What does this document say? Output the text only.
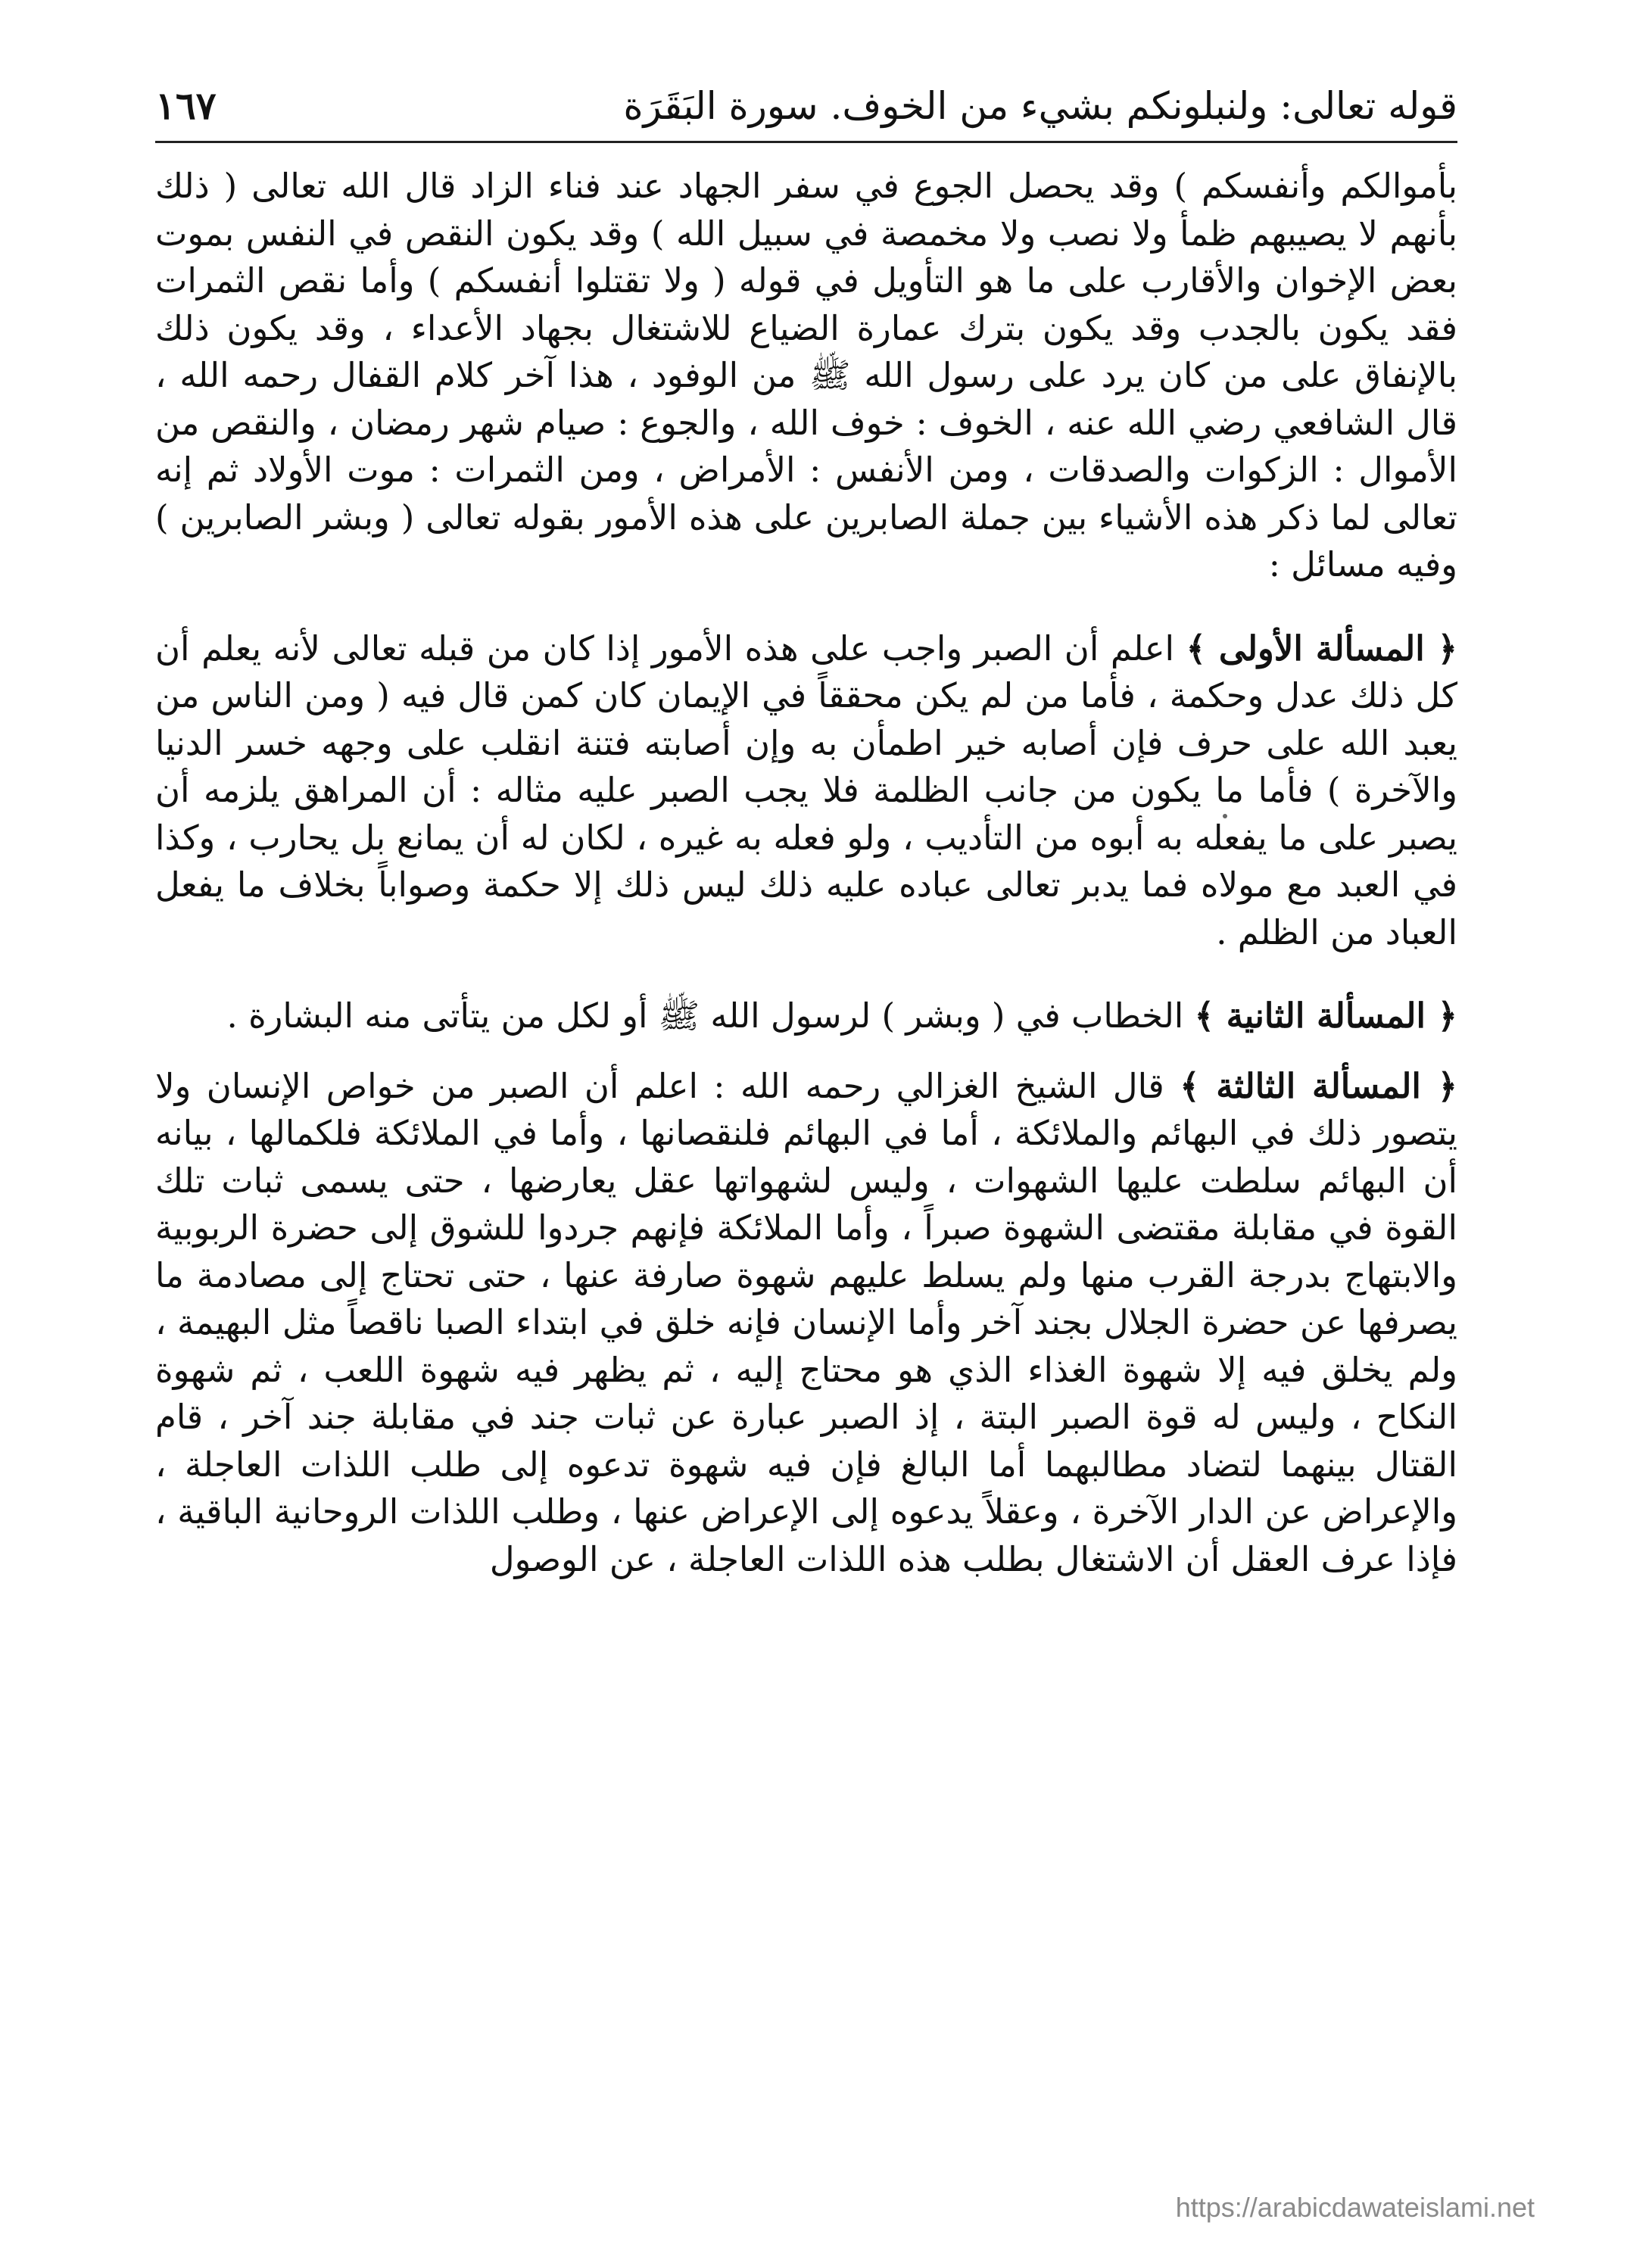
قوله تعالى: ولنبلونكم بشيء من الخوف. سورة البَقَرَة
١٦٧

بأموالكم وأنفسكم ) وقد يحصل الجوع في سفر الجهاد عند فناء الزاد قال الله تعالى ( ذلك بأنهم لا يصيبهم ظمأ ولا نصب ولا مخمصة في سبيل الله ) وقد يكون النقص في النفس بموت بعض الإخوان والأقارب على ما هو التأويل في قوله ( ولا تقتلوا أنفسكم ) وأما نقص الثمرات فقد يكون بالجدب وقد يكون بترك عمارة الضياع للاشتغال بجهاد الأعداء ، وقد يكون ذلك بالإنفاق على من كان يرد على رسول الله ﷺ من الوفود ، هذا آخر كلام القفال رحمه الله ، قال الشافعي رضي الله عنه ، الخوف : خوف الله ، والجوع : صيام شهر رمضان ، والنقص من الأموال : الزكوات والصدقات ، ومن الأنفس : الأمراض ، ومن الثمرات : موت الأولاد ثم إنه تعالى لما ذكر هذه الأشياء بين جملة الصابرين على هذه الأمور بقوله تعالى ( وبشر الصابرين ) وفيه مسائل :

﴿ المسألة الأولى ﴾ اعلم أن الصبر واجب على هذه الأمور إذا كان من قبله تعالى لأنه يعلم أن كل ذلك عدل وحكمة ، فأما من لم يكن محققاً في الإيمان كان كمن قال فيه ( ومن الناس من يعبد الله على حرف فإن أصابه خير اطمأن به وإن أصابته فتنة انقلب على وجهه خسر الدنيا والآخرة ) فأما ما يكون من جانب الظلمة فلا يجب الصبر عليه مثاله : أن المراهق يلزمه أن يصبر على ما يفعله به أبوه من التأديب ، ولو فعله به غيره ، لكان له أن يمانع بل يحارب ، وكذا في العبد مع مولاه فما يدبر تعالى عباده عليه ذلك ليس ذلك إلا حكمة وصواباً بخلاف ما يفعل العباد من الظلم .

﴿ المسألة الثانية ﴾ الخطاب في ( وبشر ) لرسول الله ﷺ أو لكل من يتأتى منه البشارة .

﴿ المسألة الثالثة ﴾ قال الشيخ الغزالي رحمه الله : اعلم أن الصبر من خواص الإنسان ولا يتصور ذلك في البهائم والملائكة ، أما في البهائم فلنقصانها ، وأما في الملائكة فلكمالها ، بيانه أن البهائم سلطت عليها الشهوات ، وليس لشهواتها عقل يعارضها ، حتى يسمى ثبات تلك القوة في مقابلة مقتضى الشهوة صبراً ، وأما الملائكة فإنهم جردوا للشوق إلى حضرة الربوبية والابتهاج بدرجة القرب منها ولم يسلط عليهم شهوة صارفة عنها ، حتى تحتاج إلى مصادمة ما يصرفها عن حضرة الجلال بجند آخر وأما الإنسان فإنه خلق في ابتداء الصبا ناقصاً مثل البهيمة ، ولم يخلق فيه إلا شهوة الغذاء الذي هو محتاج إليه ، ثم يظهر فيه شهوة اللعب ، ثم شهوة النكاح ، وليس له قوة الصبر البتة ، إذ الصبر عبارة عن ثبات جند في مقابلة جند آخر ، قام القتال بينهما لتضاد مطالبهما أما البالغ فإن فيه شهوة تدعوه إلى طلب اللذات العاجلة ، والإعراض عن الدار الآخرة ، وعقلاً يدعوه إلى الإعراض عنها ، وطلب اللذات الروحانية الباقية ، فإذا عرف العقل أن الاشتغال بطلب هذه اللذات العاجلة ، عن الوصول

https://arabicdawateislami.net
